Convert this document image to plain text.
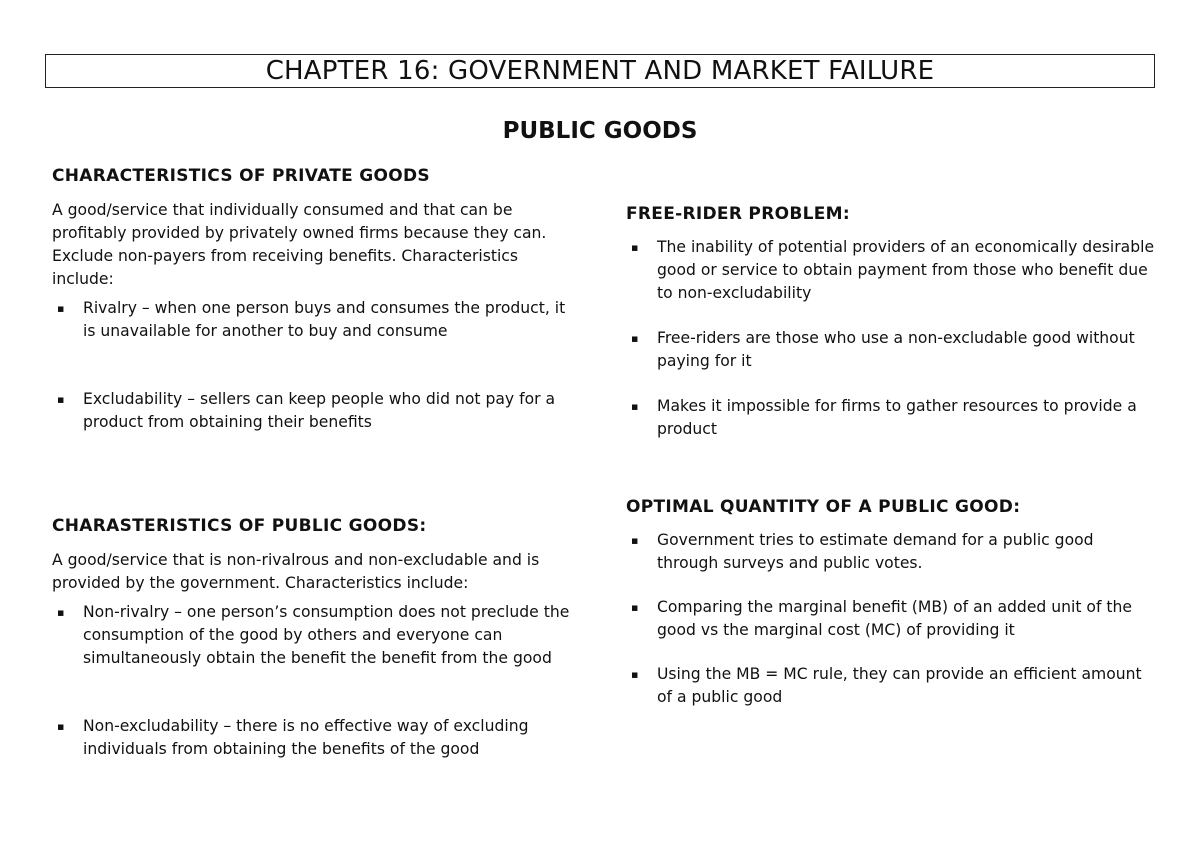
CHAPTER 16: GOVERNMENT AND MARKET FAILURE
PUBLIC GOODS
CHARACTERISTICS OF PRIVATE GOODS

A good/service that individually consumed and that can be profitably provided by privately owned firms because they can. Exclude non-payers from receiving benefits. Characteristics include:

▪ Rivalry – when one person buys and consumes the product, it is unavailable for another to buy and consume
▪ Excludability – sellers can keep people who did not pay for a product from obtaining their benefits
CHARASTERISTICS OF PUBLIC GOODS:

A good/service that is non-rivalrous and non-excludable and is provided by the government. Characteristics include:

▪ Non-rivalry – one person’s consumption does not preclude the consumption of the good by others and everyone can simultaneously obtain the benefit the benefit from the good
▪ Non-excludability – there is no effective way of excluding individuals from obtaining the benefits of the good
FREE-RIDER PROBLEM:
▪ The inability of potential providers of an economically desirable good or service to obtain payment from those who benefit due to non-excludability
▪ Free-riders are those who use a non-excludable good without paying for it
▪ Makes it impossible for firms to gather resources to provide a product
OPTIMAL QUANTITY OF A PUBLIC GOOD:
▪ Government tries to estimate demand for a public good through surveys and public votes.
▪ Comparing the marginal benefit (MB) of an added unit of the good vs the marginal cost (MC) of providing it
▪ Using the MB = MC rule, they can provide an efficient amount of a public good
